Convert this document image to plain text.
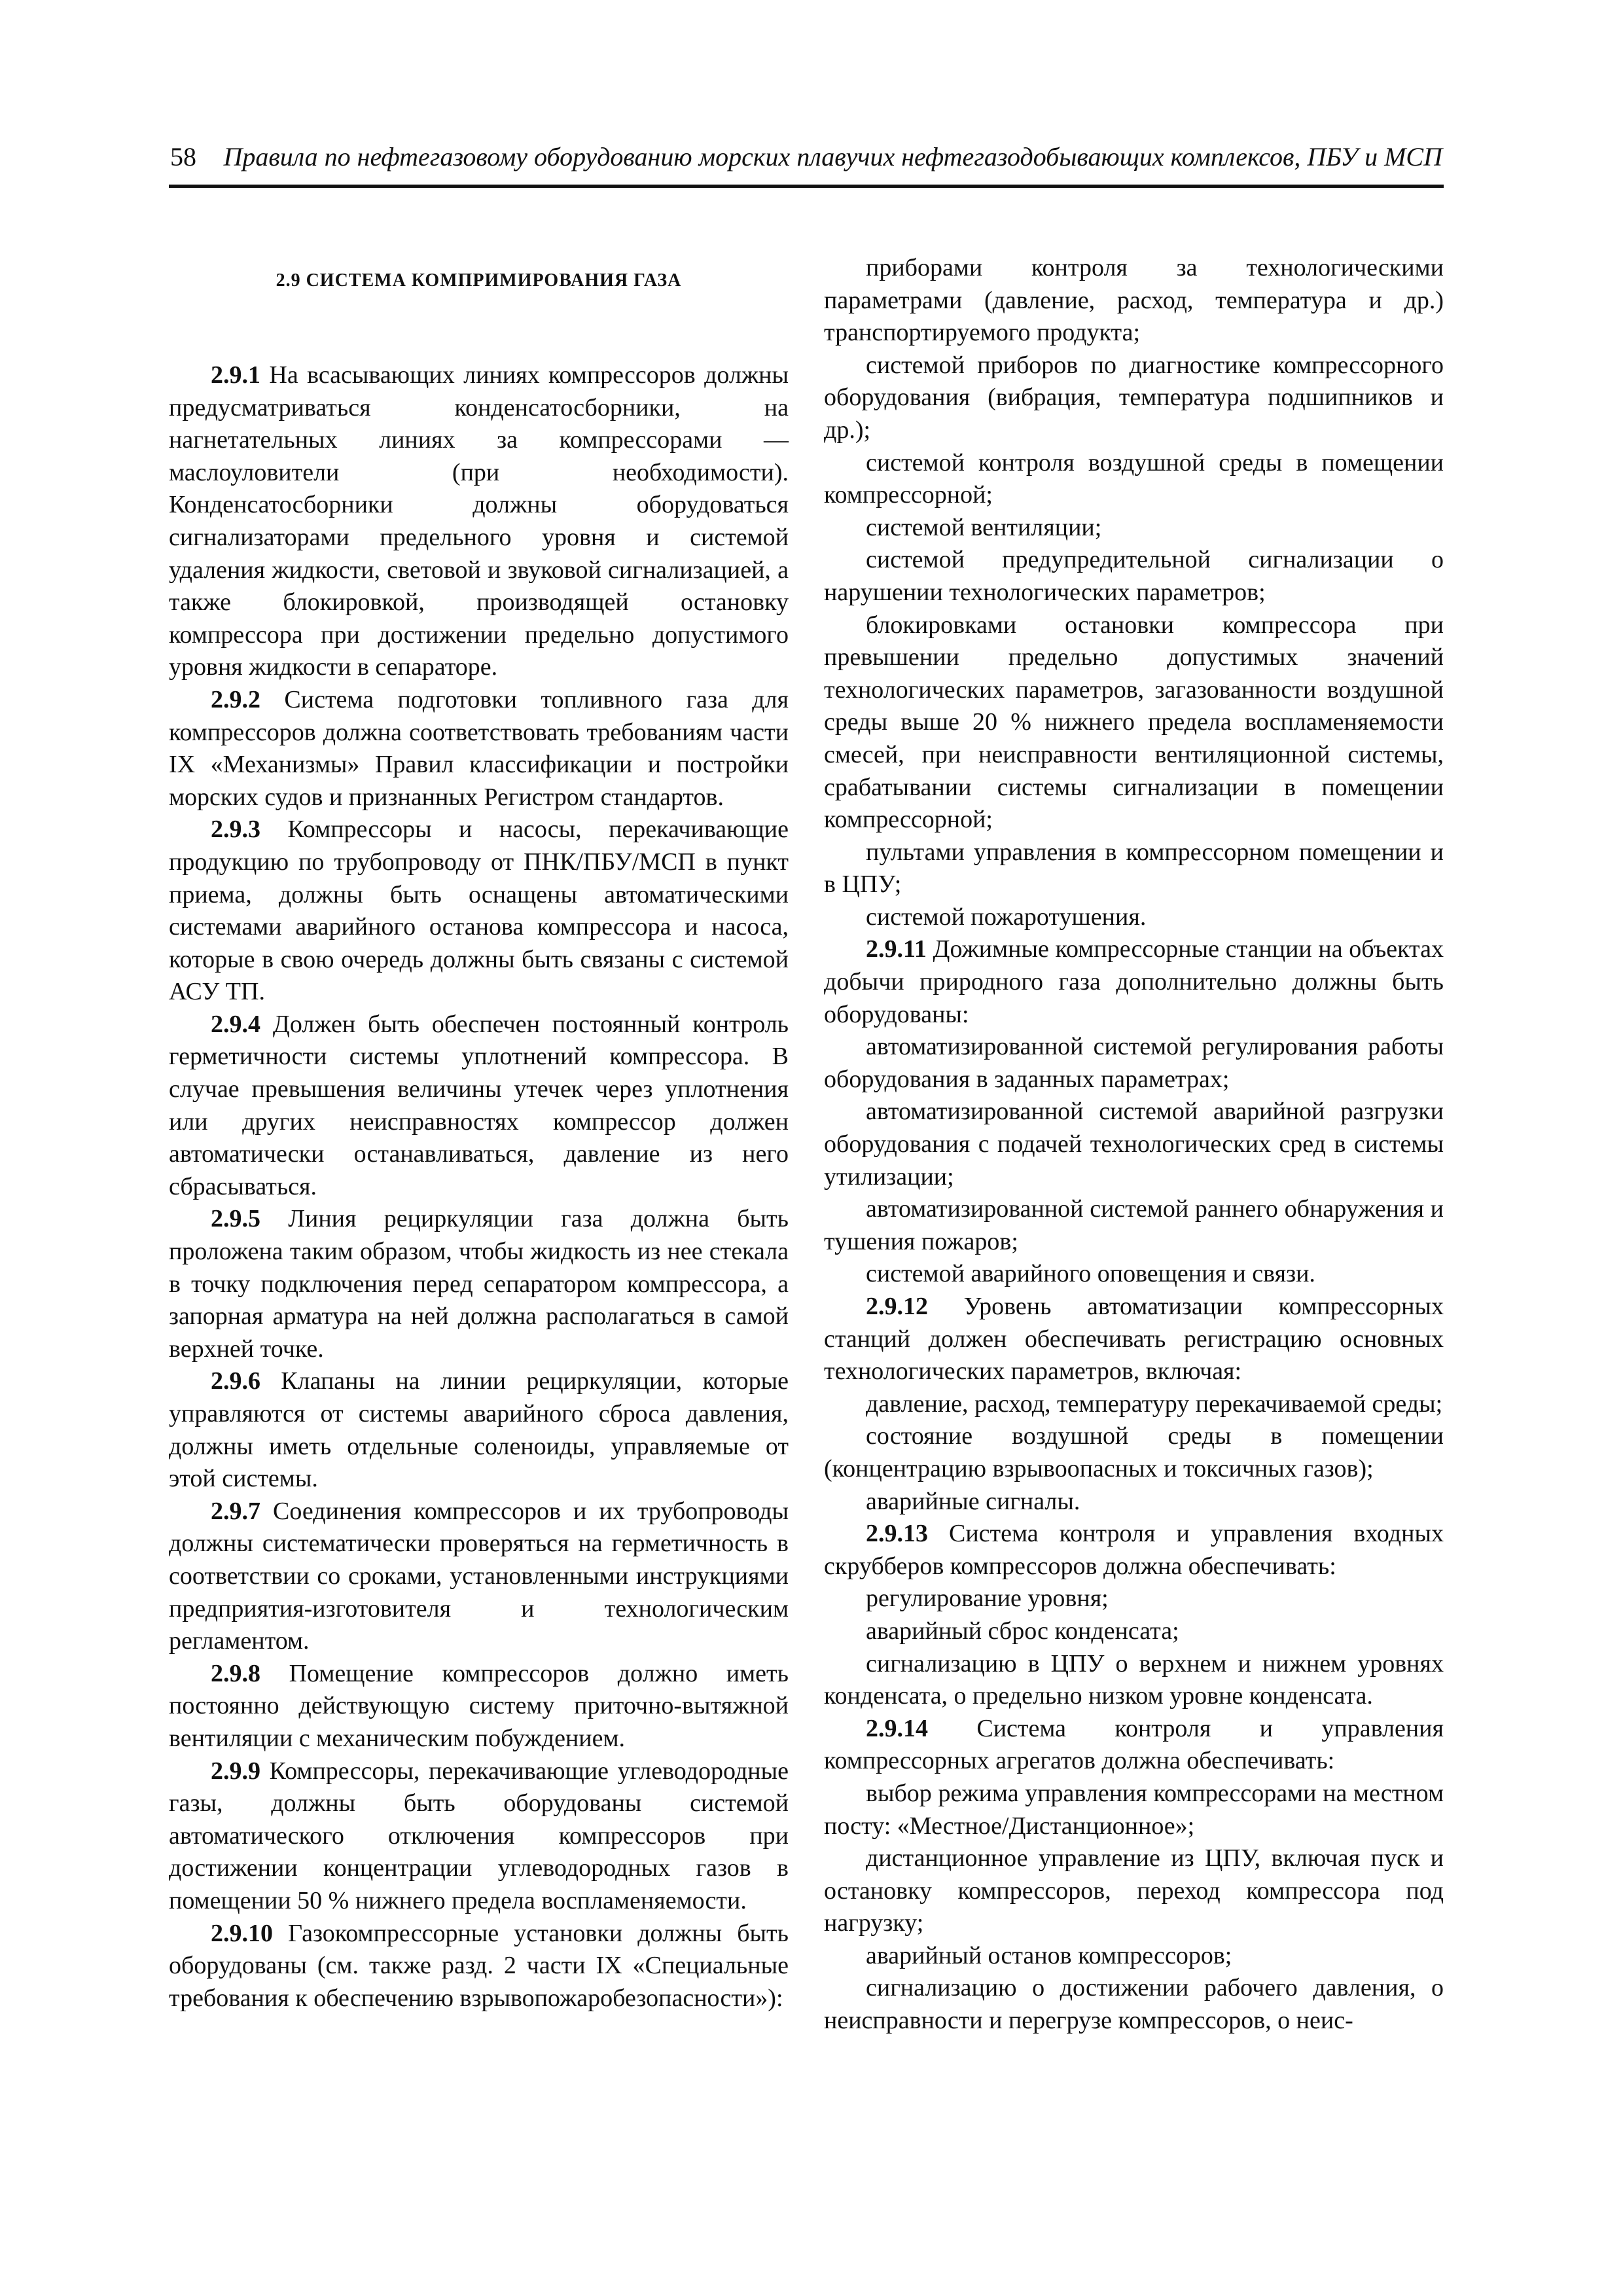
58 Правила по нефтегазовому оборудованию морских плавучих нефтегазодобывающих комплексов, ПБУ и МСП
2.9 СИСТЕМА КОМПРИМИРОВАНИЯ ГАЗА

2.9.1 На всасывающих линиях компрессоров должны предусматриваться конденсатосборники, на нагнетательных линиях за компрессорами — маслоуловители (при необходимости). Конденсатосборники должны оборудоваться сигнализаторами предельного уровня и системой удаления жидкости, световой и звуковой сигнализацией, а также блокировкой, производящей остановку компрессора при достижении предельно допустимого уровня жидкости в сепараторе.

2.9.2 Система подготовки топливного газа для компрессоров должна соответствовать требованиям части IX «Механизмы» Правил классификации и постройки морских судов и признанных Регистром стандартов.

2.9.3 Компрессоры и насосы, перекачивающие продукцию по трубопроводу от ПНК/ПБУ/МСП в пункт приема, должны быть оснащены автоматическими системами аварийного останова компрессора и насоса, которые в свою очередь должны быть связаны с системой АСУ ТП.

2.9.4 Должен быть обеспечен постоянный контроль герметичности системы уплотнений компрессора. В случае превышения величины утечек через уплотнения или других неисправностях компрессор должен автоматически останавливаться, давление из него сбрасываться.

2.9.5 Линия рециркуляции газа должна быть проложена таким образом, чтобы жидкость из нее стекала в точку подключения перед сепаратором компрессора, а запорная арматура на ней должна располагаться в самой верхней точке.

2.9.6 Клапаны на линии рециркуляции, которые управляются от системы аварийного сброса давления, должны иметь отдельные соленоиды, управляемые от этой системы.

2.9.7 Соединения компрессоров и их трубопроводы должны систематически проверяться на герметичность в соответствии со сроками, установленными инструкциями предприятия-изготовителя и технологическим регламентом.

2.9.8 Помещение компрессоров должно иметь постоянно действующую систему приточно-вытяжной вентиляции с механическим побуждением.

2.9.9 Компрессоры, перекачивающие углеводородные газы, должны быть оборудованы системой автоматического отключения компрессоров при достижении концентрации углеводородных газов в помещении 50 % нижнего предела воспламеняемости.

2.9.10 Газокомпрессорные установки должны быть оборудованы (см. также разд. 2 части IX «Специальные требования к обеспечению взрывопожаробезопасности»):

приборами контроля за технологическими параметрами (давление, расход, температура и др.) транспортируемого продукта;

системой приборов по диагностике компрессорного оборудования (вибрация, температура подшипников и др.);

системой контроля воздушной среды в помещении компрессорной;

системой вентиляции;

системой предупредительной сигнализации о нарушении технологических параметров;

блокировками остановки компрессора при превышении предельно допустимых значений технологических параметров, загазованности воздушной среды выше 20 % нижнего предела воспламеняемости смесей, при неисправности вентиляционной системы, срабатывании системы сигнализации в помещении компрессорной;

пультами управления в компрессорном помещении и в ЦПУ;

системой пожаротушения.

2.9.11 Дожимные компрессорные станции на объектах добычи природного газа дополнительно должны быть оборудованы:

автоматизированной системой регулирования работы оборудования в заданных параметрах;

автоматизированной системой аварийной разгрузки оборудования с подачей технологических сред в системы утилизации;

автоматизированной системой раннего обнаружения и тушения пожаров;

системой аварийного оповещения и связи.

2.9.12 Уровень автоматизации компрессорных станций должен обеспечивать регистрацию основных технологических параметров, включая:

давление, расход, температуру перекачиваемой среды;

состояние воздушной среды в помещении (концентрацию взрывоопасных и токсичных газов);

аварийные сигналы.

2.9.13 Система контроля и управления входных скрубберов компрессоров должна обеспечивать:

регулирование уровня;

аварийный сброс конденсата;

сигнализацию в ЦПУ о верхнем и нижнем уровнях конденсата, о предельно низком уровне конденсата.

2.9.14 Система контроля и управления компрессорных агрегатов должна обеспечивать:

выбор режима управления компрессорами на местном посту: «Местное/Дистанционное»;

дистанционное управление из ЦПУ, включая пуск и остановку компрессоров, переход компрессора под нагрузку;

аварийный останов компрессоров;

сигнализацию о достижении рабочего давления, о неисправности и перегрузе компрессоров, о неис-
